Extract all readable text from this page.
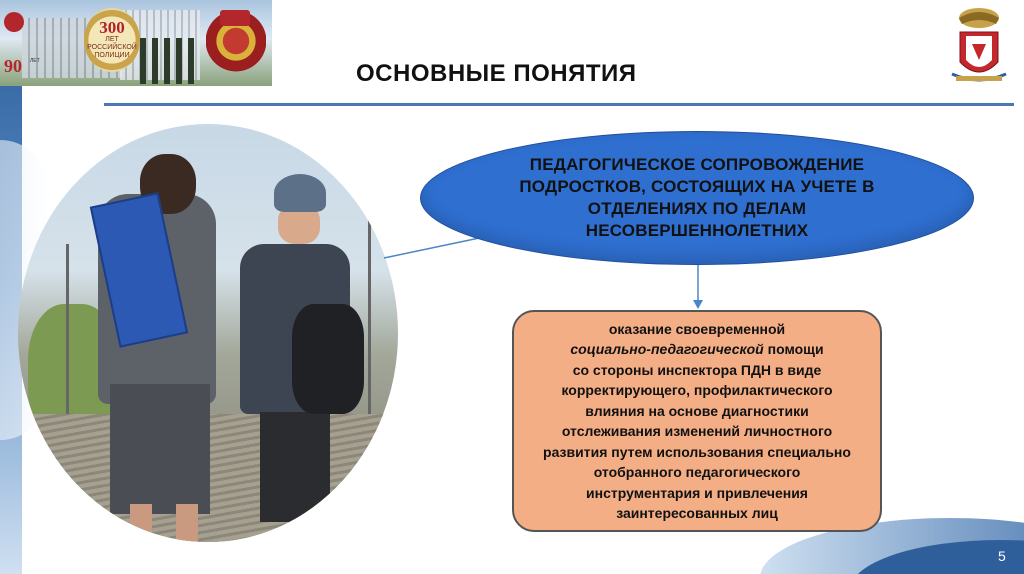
90 ЛЕТ
300
ЛЕТ
РОССИЙСКОЙ ПОЛИЦИИ
ОСНОВНЫЕ ПОНЯТИЯ
ПЕДАГОГИЧЕСКОЕ СОПРОВОЖДЕНИЕ ПОДРОСТКОВ, СОСТОЯЩИХ НА УЧЕТЕ В ОТДЕЛЕНИЯХ ПО ДЕЛАМ НЕСОВЕРШЕННОЛЕТНИХ
оказание своевременной
социально-педагогической помощи
со стороны инспектора ПДН в виде
корректирующего, профилактического
влияния на основе диагностики
отслеживания изменений личностного
развития путем использования специально
отобранного педагогического
инструментария и привлечения
заинтересованных лиц
5
